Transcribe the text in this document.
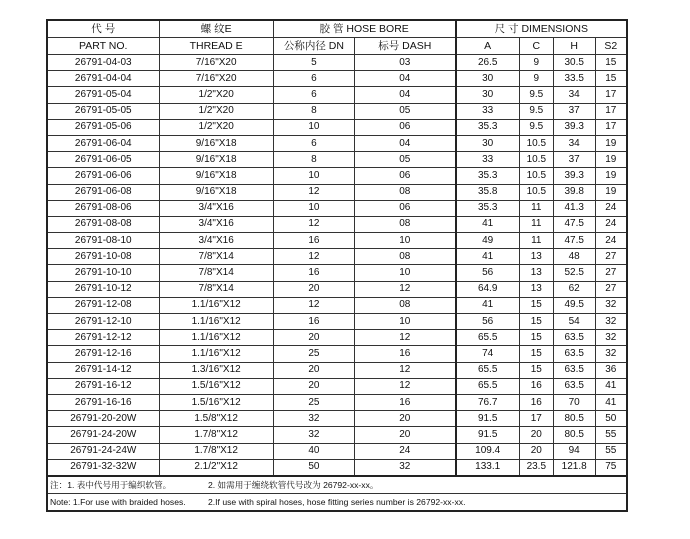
代 号	螺 纹E	胶 管 HOSE BORE		尺 寸 DIMENSIONS			
PART NO.	THREAD E	公称内径 DN	标号 DASH	A	C	H	S2
26791-04-03	7/16"X20	5	03	26.5	9	30.5	15
26791-04-04	7/16"X20	6	04	30	9	33.5	15
26791-05-04	1/2"X20	6	04	30	9.5	34	17
26791-05-05	1/2"X20	8	05	33	9.5	37	17
26791-05-06	1/2"X20	10	06	35.3	9.5	39.3	17
26791-06-04	9/16"X18	6	04	30	10.5	34	19
26791-06-05	9/16"X18	8	05	33	10.5	37	19
26791-06-06	9/16"X18	10	06	35.3	10.5	39.3	19
26791-06-08	9/16"X18	12	08	35.8	10.5	39.8	19
26791-08-06	3/4"X16	10	06	35.3	11	41.3	24
26791-08-08	3/4"X16	12	08	41	11	47.5	24
26791-08-10	3/4"X16	16	10	49	11	47.5	24
26791-10-08	7/8"X14	12	08	41	13	48	27
26791-10-10	7/8"X14	16	10	56	13	52.5	27
26791-10-12	7/8"X14	20	12	64.9	13	62	27
26791-12-08	1.1/16"X12	12	08	41	15	49.5	32
26791-12-10	1.1/16"X12	16	10	56	15	54	32
26791-12-12	1.1/16"X12	20	12	65.5	15	63.5	32
26791-12-16	1.1/16"X12	25	16	74	15	63.5	32
26791-14-12	1.3/16"X12	20	12	65.5	15	63.5	36
26791-16-12	1.5/16"X12	20	12	65.5	16	63.5	41
26791-16-16	1.5/16"X12	25	16	76.7	16	70	41
26791-20-20W	1.5/8"X12	32	20	91.5	17	80.5	50
26791-24-20W	1.7/8"X12	32	20	91.5	20	80.5	55
26791-24-24W	1.7/8"X12	40	24	109.4	20	94	55
26791-32-32W	2.1/2"X12	50	32	133.1	23.5	121.8	75
注：1. 表中代号用于编织软管。	2. 如需用于缠绕软管代号改为 26792-xx-xx。
Note: 1.For use with braided hoses.	2.If use with spiral hoses, hose fitting series number is 26792-xx-xx.
